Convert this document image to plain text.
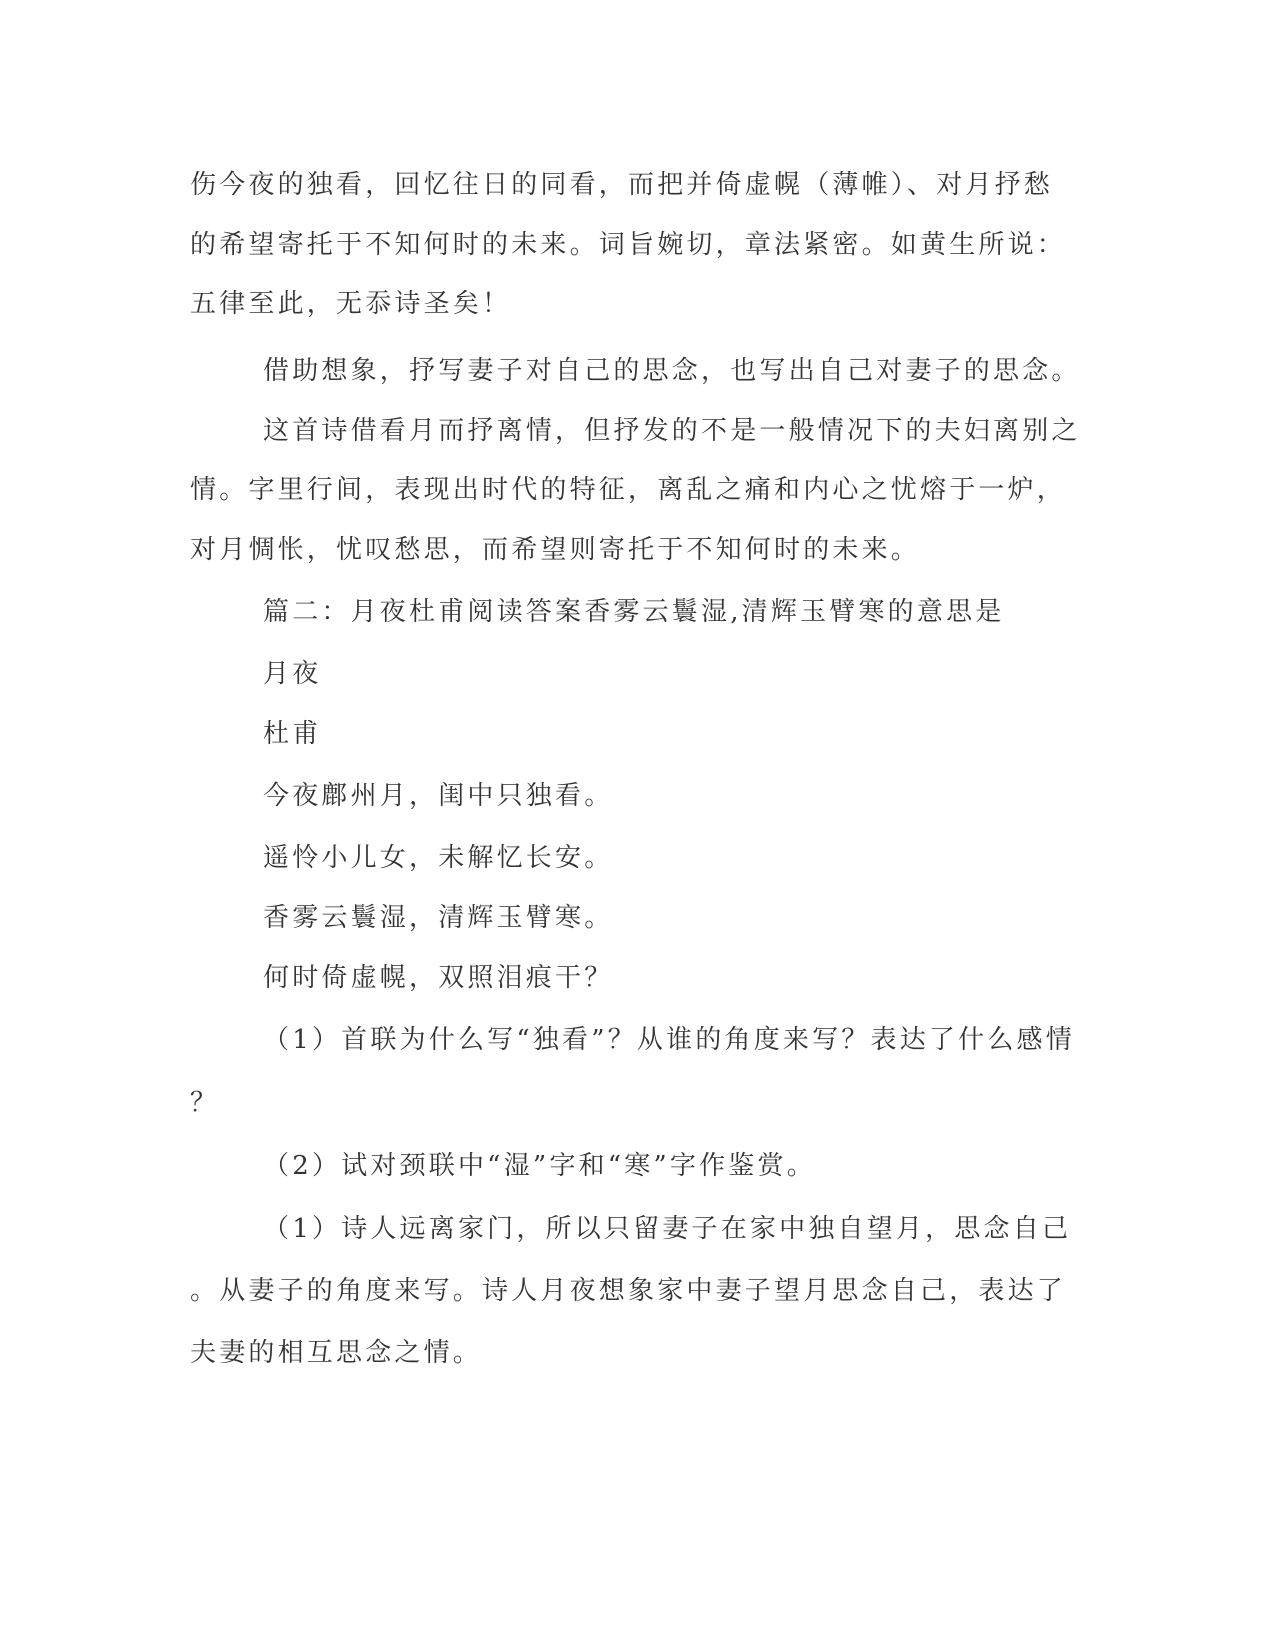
伤今夜的独看，回忆往日的同看，而把并倚虚幌（薄帷）、对月抒愁
的希望寄托于不知何时的未来。词旨婉切，章法紧密。如黄生所说：
五律至此，无忝诗圣矣！
借助想象，抒写妻子对自己的思念，也写出自己对妻子的思念。
这首诗借看月而抒离情，但抒发的不是一般情况下的夫妇离别之
情。字里行间，表现出时代的特征，离乱之痛和内心之忧熔于一炉，
对月惆怅，忧叹愁思，而希望则寄托于不知何时的未来。
篇二：月夜杜甫阅读答案香雾云鬟湿,清辉玉臂寒的意思是
月夜
杜甫
今夜鄜州月，闺中只独看。
遥怜小儿女，未解忆长安。
香雾云鬟湿，清辉玉臂寒。
何时倚虚幌，双照泪痕干？
（1）首联为什么写“独看”？从谁的角度来写？表达了什么感情
？
（2）试对颈联中“湿”字和“寒”字作鉴赏。
（1）诗人远离家门，所以只留妻子在家中独自望月，思念自己
。从妻子的角度来写。诗人月夜想象家中妻子望月思念自己，表达了
夫妻的相互思念之情。
